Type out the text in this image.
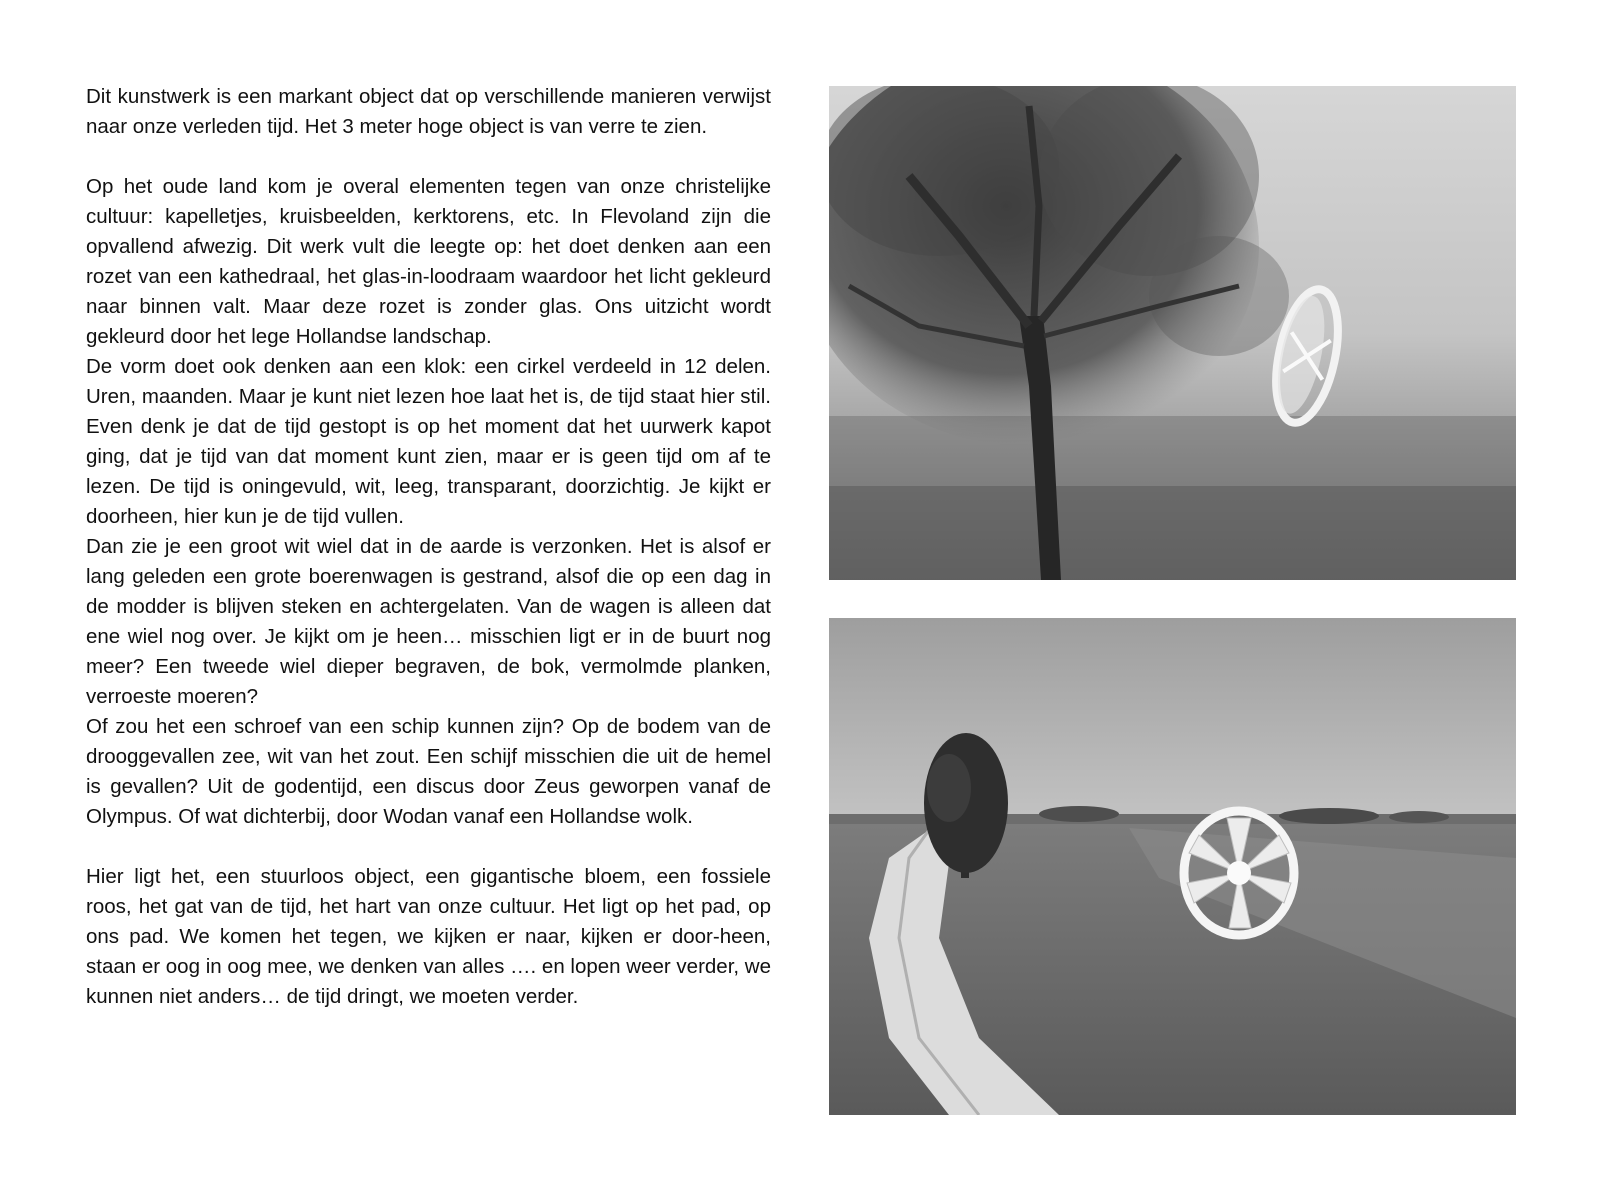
Dit kunstwerk is een markant object dat op verschillende manieren verwijst naar onze verleden tijd. Het 3 meter hoge object is van verre te zien.

Op het oude land kom je overal elementen tegen van onze christelijke cultuur: kapelletjes, kruisbeelden, kerktorens, etc. In Flevoland zijn die opvallend afwezig. Dit werk vult die leegte op: het doet denken aan een rozet van een kathedraal, het glas-in-loodraam waardoor het licht gekleurd naar binnen valt. Maar deze rozet is zonder glas. Ons uitzicht wordt gekleurd door het lege Hollandse landschap.

De vorm doet ook denken aan een klok: een cirkel verdeeld in 12 delen. Uren, maanden. Maar je kunt niet lezen hoe laat het is, de tijd staat hier stil. Even denk je dat de tijd gestopt is op het moment dat het uurwerk kapot ging, dat je tijd van dat moment kunt zien, maar er is geen tijd om af te lezen. De tijd is oningevuld, wit, leeg, transparant, doorzichtig. Je kijkt er doorheen, hier kun je de tijd vullen.

Dan zie je een groot wit wiel dat in de aarde is verzonken. Het is alsof er lang geleden een grote boerenwagen is gestrand, alsof die op een dag in de modder is blijven steken en achtergelaten. Van de wagen is alleen dat ene wiel nog over. Je kijkt om je heen… misschien ligt er in de buurt nog meer? Een tweede wiel dieper begraven, de bok, vermolmde planken, verroeste moeren?

Of zou het een schroef van een schip kunnen zijn? Op de bodem van de drooggevallen zee, wit van het zout. Een schijf misschien die uit de hemel is gevallen? Uit de godentijd, een discus door Zeus geworpen vanaf de Olympus. Of wat dichterbij, door Wodan vanaf een Hollandse wolk.

Hier ligt het, een stuurloos object, een gigantische bloem, een fossiele roos, het gat van de tijd, het hart van onze cultuur. Het ligt op het pad, op ons pad. We komen het tegen, we kijken er naar, kijken er door-heen, staan er oog in oog mee, we denken van alles …. en lopen weer verder, we kunnen niet anders… de tijd dringt, we moeten verder.
